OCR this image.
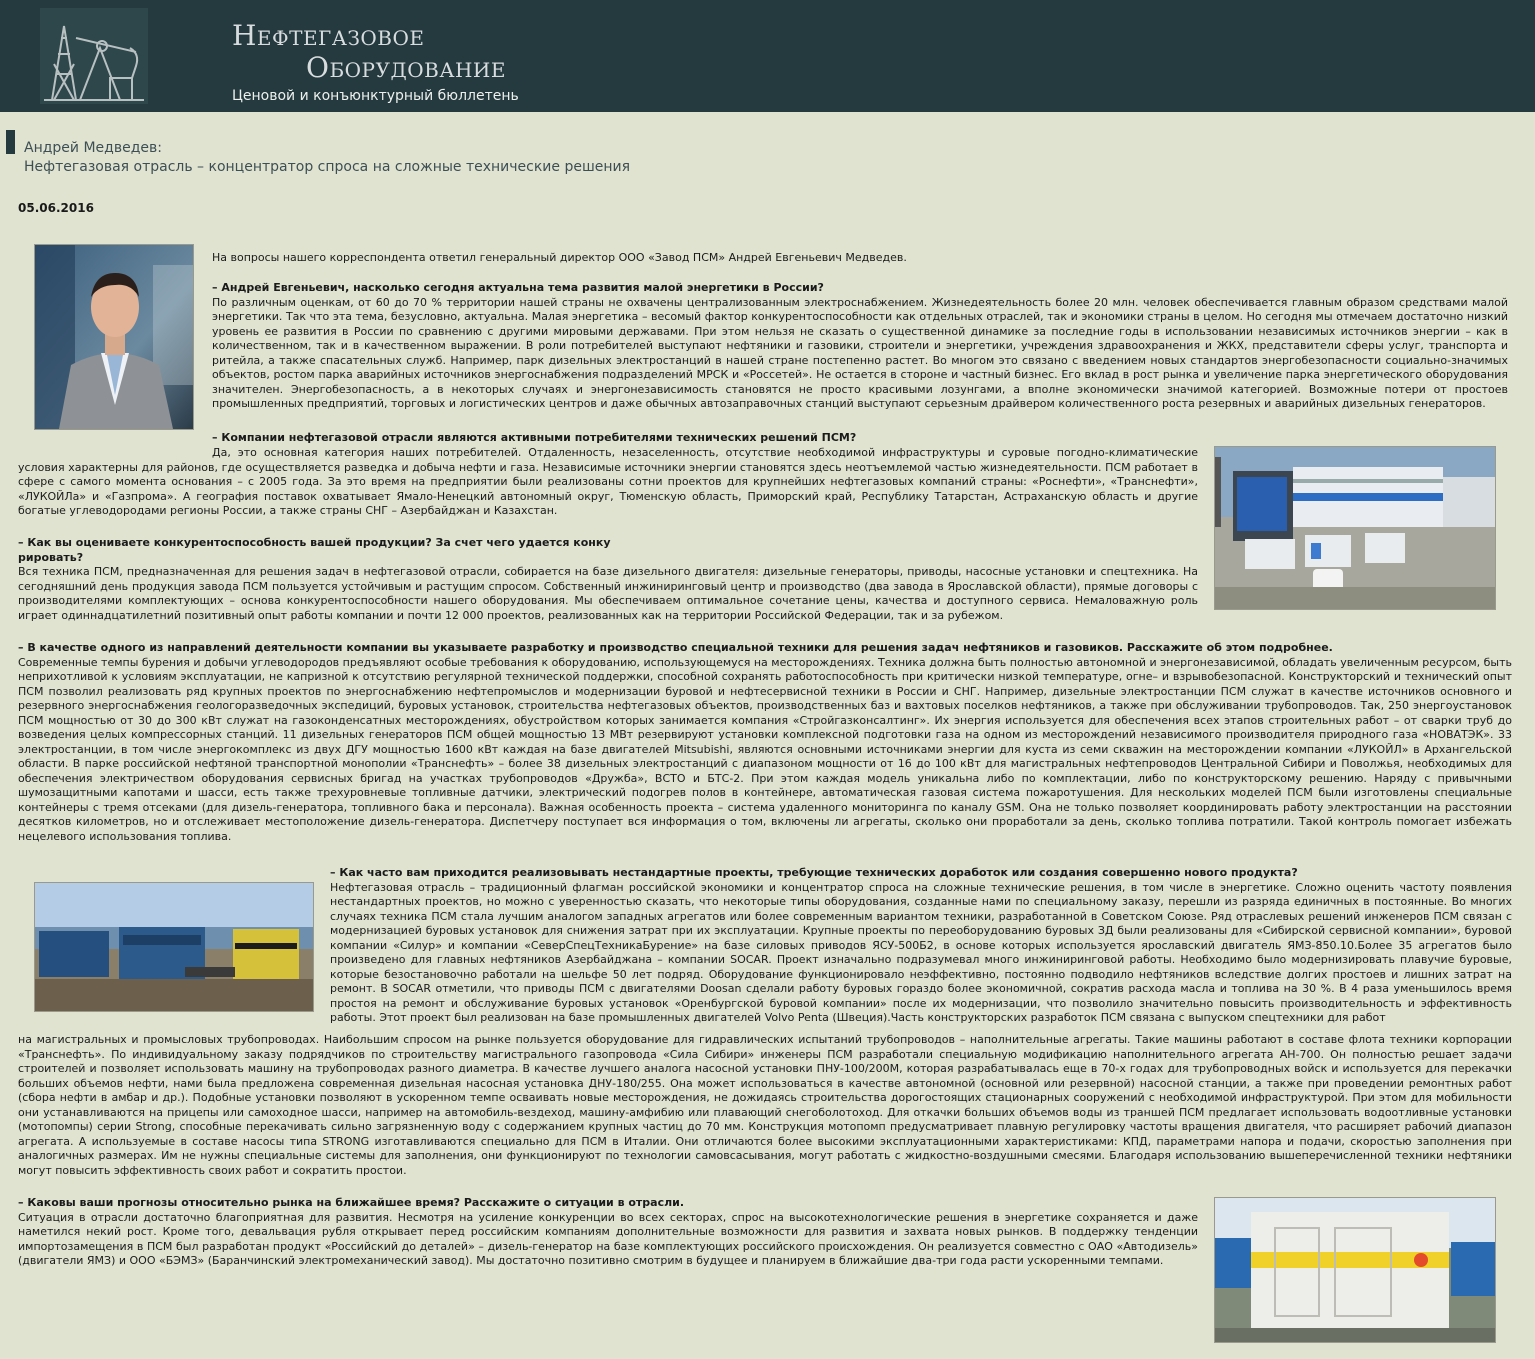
Нефтегазовое
Оборудование
Ценовой и конъюнктурный бюллетень
Андрей Медведев:
Нефтегазовая отрасль – концентратор спроса на сложные технические решения
05.06.2016
На вопросы нашего корреспондента ответил генеральный директор ООО «Завод ПСМ» Андрей Евгеньевич Медведев.
– Андрей Евгеньевич, насколько сегодня актуальна тема развития малой энергетики в России?
По различным оценкам, от 60 до 70 % территории нашей страны не охвачены централизованным электроснабжением. Жизнедеятельность более 20 млн. человек обеспечивается главным образом средствами малой энергетики. Так что эта тема, безусловно, актуальна. Малая энергетика – весомый фактор конкурентоспособности как отдельных отраслей, так и экономики страны в целом. Но сегодня мы отмечаем достаточно низкий уровень ее развития в России по сравнению с другими мировыми державами. При этом нельзя не сказать о существенной динамике за последние годы в использовании независимых источников энергии – как в количественном, так и в качественном выражении. В роли потребителей выступают нефтяники и газовики, строители и энергетики, учреждения здравоохранения и ЖКХ, представители сферы услуг, транспорта и ритейла, а также спасательных служб. Например, парк дизельных электростанций в нашей стране постепенно растет. Во многом это связано с введением новых стандартов энергобезопасности социально-значимых объектов, ростом парка аварийных источников энергоснабжения подразделений МРСК и «Россетей». Не остается в стороне и частный бизнес. Его вклад в рост рынка и увеличение парка энергетического оборудования значителен. Энергобезопасность, а в некоторых случаях и энергонезависимость становятся не просто красивыми лозунгами, а вполне экономически значимой категорией. Возможные потери от простоев промышленных предприятий, торговых и логистических центров и даже обычных автозаправочных станций выступают серьезным драйвером количественного роста резервных и аварийных дизельных генераторов.
– Компании нефтегазовой отрасли являются активными потребителями технических решений ПСМ?
Да, это основная категория наших потребителей. Отдаленность, незаселенность, отсутствие необходимой инфраструктуры и суровые погодно-климатические условия характерны для районов, где осуществляется разведка и добыча нефти и газа. Независимые источники энергии становятся здесь неотъемлемой частью жизнедеятельности. ПСМ работает в сфере с самого момента основания – с 2005 года. За это время на предприятии были реализованы сотни проектов для крупнейших нефтегазовых компаний страны: «Роснефти», «Транснефти», «ЛУКОЙЛа» и «Газпрома». А география поставок охватывает Ямало-Ненецкий автономный округ, Тюменскую область, Приморский край, Республику Татарстан, Астраханскую область и другие богатые углеводородами регионы России, а также страны СНГ – Азербайджан и Казахстан.
– Как вы оцениваете конкурентоспособность вашей продукции? За счет чего удается конку
рировать?
Вся техника ПСМ, предназначенная для решения задач в нефтегазовой отрасли, собирается на базе дизельного двигателя: дизельные генераторы, приводы, насосные установки и спецтехника. На сегодняшний день продукция завода ПСМ пользуется устойчивым и растущим спросом. Собственный инжиниринговый центр и производство (два завода в Ярославской области), прямые договоры с производителями комплектующих – основа конкурентоспособности нашего оборудования. Мы обеспечиваем оптимальное сочетание цены, качества и доступного сервиса. Немаловажную роль играет одиннадцатилетний позитивный опыт работы компании и почти 12 000 проектов, реализованных как на территории Российской Федерации, так и за рубежом.
– В качестве одного из направлений деятельности компании вы указываете разработку и производство специальной техники для решения задач нефтяников и газовиков. Расскажите об этом подробнее.
Современные темпы бурения и добычи углеводородов предъявляют особые требования к оборудованию, использующемуся на месторождениях. Техника должна быть полностью автономной и энергонезависимой, обладать увеличенным ресурсом, быть неприхотливой к условиям эксплуатации, не капризной к отсутствию регулярной технической поддержки, способной сохранять работоспособность при критически низкой температуре, огне– и взрывобезопасной. Конструкторский и технический опыт ПСМ позволил реализовать ряд крупных проектов по энергоснабжению нефтепромыслов и модернизации буровой и нефтесервисной техники в России и СНГ. Например, дизельные электростанции ПСМ служат в качестве источников основного и резервного энергоснабжения геологоразведочных экспедиций, буровых установок, строительства нефтегазовых объектов, производственных баз и вахтовых поселков нефтяников, а также при обслуживании трубопроводов. Так, 250 энергоустановок ПСМ мощностью от 30 до 300 кВт служат на газоконденсатных месторождениях, обустройством которых занимается компания «Стройгазконсалтинг». Их энергия используется для обеспечения всех этапов строительных работ – от сварки труб до возведения целых компрессорных станций. 11 дизельных генераторов ПСМ общей мощностью 13 МВт резервируют установки комплексной подготовки газа на одном из месторождений независимого производителя природного газа «НОВАТЭК». 33 электростанции, в том числе энергокомплекс из двух ДГУ мощностью 1600 кВт каждая на базе двигателей Mitsubishi, являются основными источниками энергии для куста из семи скважин на месторождении компании «ЛУКОЙЛ» в Архангельской области. В парке российской нефтяной транспортной монополии «Транснефть» – более 38 дизельных электростанций с диапазоном мощности от 16 до 100 кВт для магистральных нефтепроводов Центральной Сибири и Поволжья, необходимых для обеспечения электричеством оборудования сервисных бригад на участках трубопроводов «Дружба», ВСТО и БТС-2. При этом каждая модель уникальна либо по комплектации, либо по конструкторскому решению. Наряду с привычными шумозащитными капотами и шасси, есть также трехуровневые топливные датчики, электрический подогрев полов в контейнере, автоматическая газовая система пожаротушения. Для нескольких моделей ПСМ были изготовлены специальные контейнеры с тремя отсеками (для дизель-генератора, топливного бака и персонала). Важная особенность проекта – система удаленного мониторинга по каналу GSM. Она не только позволяет координировать работу электростанции на расстоянии десятков километров, но и отслеживает местоположение дизель-генератора. Диспетчеру поступает вся информация о том, включены ли агрегаты, сколько они проработали за день, сколько топлива потратили. Такой контроль помогает избежать нецелевого использования топлива.
– Как часто вам приходится реализовывать нестандартные проекты, требующие технических доработок или создания совершенно нового продукта?
Нефтегазовая отрасль – традиционный флагман российской экономики и концентратор спроса на сложные технические решения, в том числе в энергетике. Сложно оценить частоту появления нестандартных проектов, но можно с уверенностью сказать, что некоторые типы оборудования, созданные нами по специальному заказу, перешли из разряда единичных в постоянные. Во многих случаях техника ПСМ стала лучшим аналогом западных агрегатов или более современным вариантом техники, разработанной в Советском Союзе. Ряд отраслевых решений инженеров ПСМ связан с модернизацией буровых установок для снижения затрат при их эксплуатации. Крупные проекты по переоборудованию буровых ЗД были реализованы для «Сибирской сервисной компании», буровой компании «Силур» и компании «СеверСпецТехникаБурение» на базе силовых приводов ЯСУ-500Б2, в основе которых используется ярославский двигатель ЯМЗ-850.10.Более 35 агрегатов было произведено для главных нефтяников Азербайджана – компании SOCAR. Проект изначально подразумевал много инжиниринговой работы. Необходимо было модернизировать плавучие буровые, которые безостановочно работали на шельфе 50 лет подряд. Оборудование функционировало неэффективно, постоянно подводило нефтяников вследствие долгих простоев и лишних затрат на ремонт. В SOCAR отметили, что приводы ПСМ с двигателями Doosan сделали работу буровых гораздо более экономичной, сократив расхода масла и топлива на 30 %. В 4 раза уменьшилось время простоя на ремонт и обслуживание буровых установок «Оренбургской буровой компании» после их модернизации, что позволило значительно повысить производительность и эффективность работы. Этот проект был реализован на базе промышленных двигателей Volvo Penta (Швеция).Часть конструкторских разработок ПСМ связана с выпуском спецтехники для работ
на магистральных и промысловых трубопроводах. Наибольшим спросом на рынке пользуется оборудование для гидравлических испытаний трубопроводов – наполнительные агрегаты. Такие машины работают в составе флота техники корпорации «Транснефть». По индивидуальному заказу подрядчиков по строительству магистрального газопровода «Сила Сибири» инженеры ПСМ разработали специальную модификацию наполнительного агрегата АН-700. Он полностью решает задачи строителей и позволяет использовать машину на трубопроводах разного диаметра. В качестве лучшего аналога насосной установки ПНУ-100/200М, которая разрабатывалась еще в 70-х годах для трубопроводных войск и используется для перекачки больших объемов нефти, нами была предложена современная дизельная насосная установка ДНУ-180/255. Она может использоваться в качестве автономной (основной или резервной) насосной станции, а также при проведении ремонтных работ (сбора нефти в амбар и др.). Подобные установки позволяют в ускоренном темпе осваивать новые месторождения, не дожидаясь строительства дорогостоящих стационарных сооружений с необходимой инфраструктурой. При этом для мобильности они устанавливаются на прицепы или самоходное шасси, например на автомобиль-вездеход, машину-амфибию или плавающий снегоболотоход. Для откачки больших объемов воды из траншей ПСМ предлагает использовать водоотливные установки (мотопомпы) серии Strong, способные перекачивать сильно загрязненную воду с содержанием крупных частиц до 70 мм. Конструкция мотопомп предусматривает плавную регулировку частоты вращения двигателя, что расширяет рабочий диапазон агрегата. А используемые в составе насосы типа STRONG изготавливаются специально для ПСМ в Италии. Они отличаются более высокими эксплуатационными характеристиками: КПД, параметрами напора и подачи, скоростью заполнения при аналогичных размерах. Им не нужны специальные системы для заполнения, они функционируют по технологии самовсасывания, могут работать с жидкостно-воздушными смесями. Благодаря использованию вышеперечисленной техники нефтяники могут повысить эффективность своих работ и сократить простои.
– Каковы ваши прогнозы относительно рынка на ближайшее время? Расскажите о ситуации в отрасли.
Ситуация в отрасли достаточно благоприятная для развития. Несмотря на усиление конкуренции во всех секторах, спрос на высокотехнологические решения в энергетике сохраняется и даже наметился некий рост. Кроме того, девальвация рубля открывает перед российским компаниям дополнительные возможности для развития и захвата новых рынков. В поддержку тенденции импортозамещения в ПСМ был разработан продукт «Российский до деталей» – дизель-генератор на базе комплектующих российского происхождения. Он реализуется совместно с ОАО «Автодизель» (двигатели ЯМЗ) и ООО «БЭМЗ» (Баранчинский электромеханический завод). Мы достаточно позитивно смотрим в будущее и планируем в ближайшие два-три года расти ускоренными темпами.
